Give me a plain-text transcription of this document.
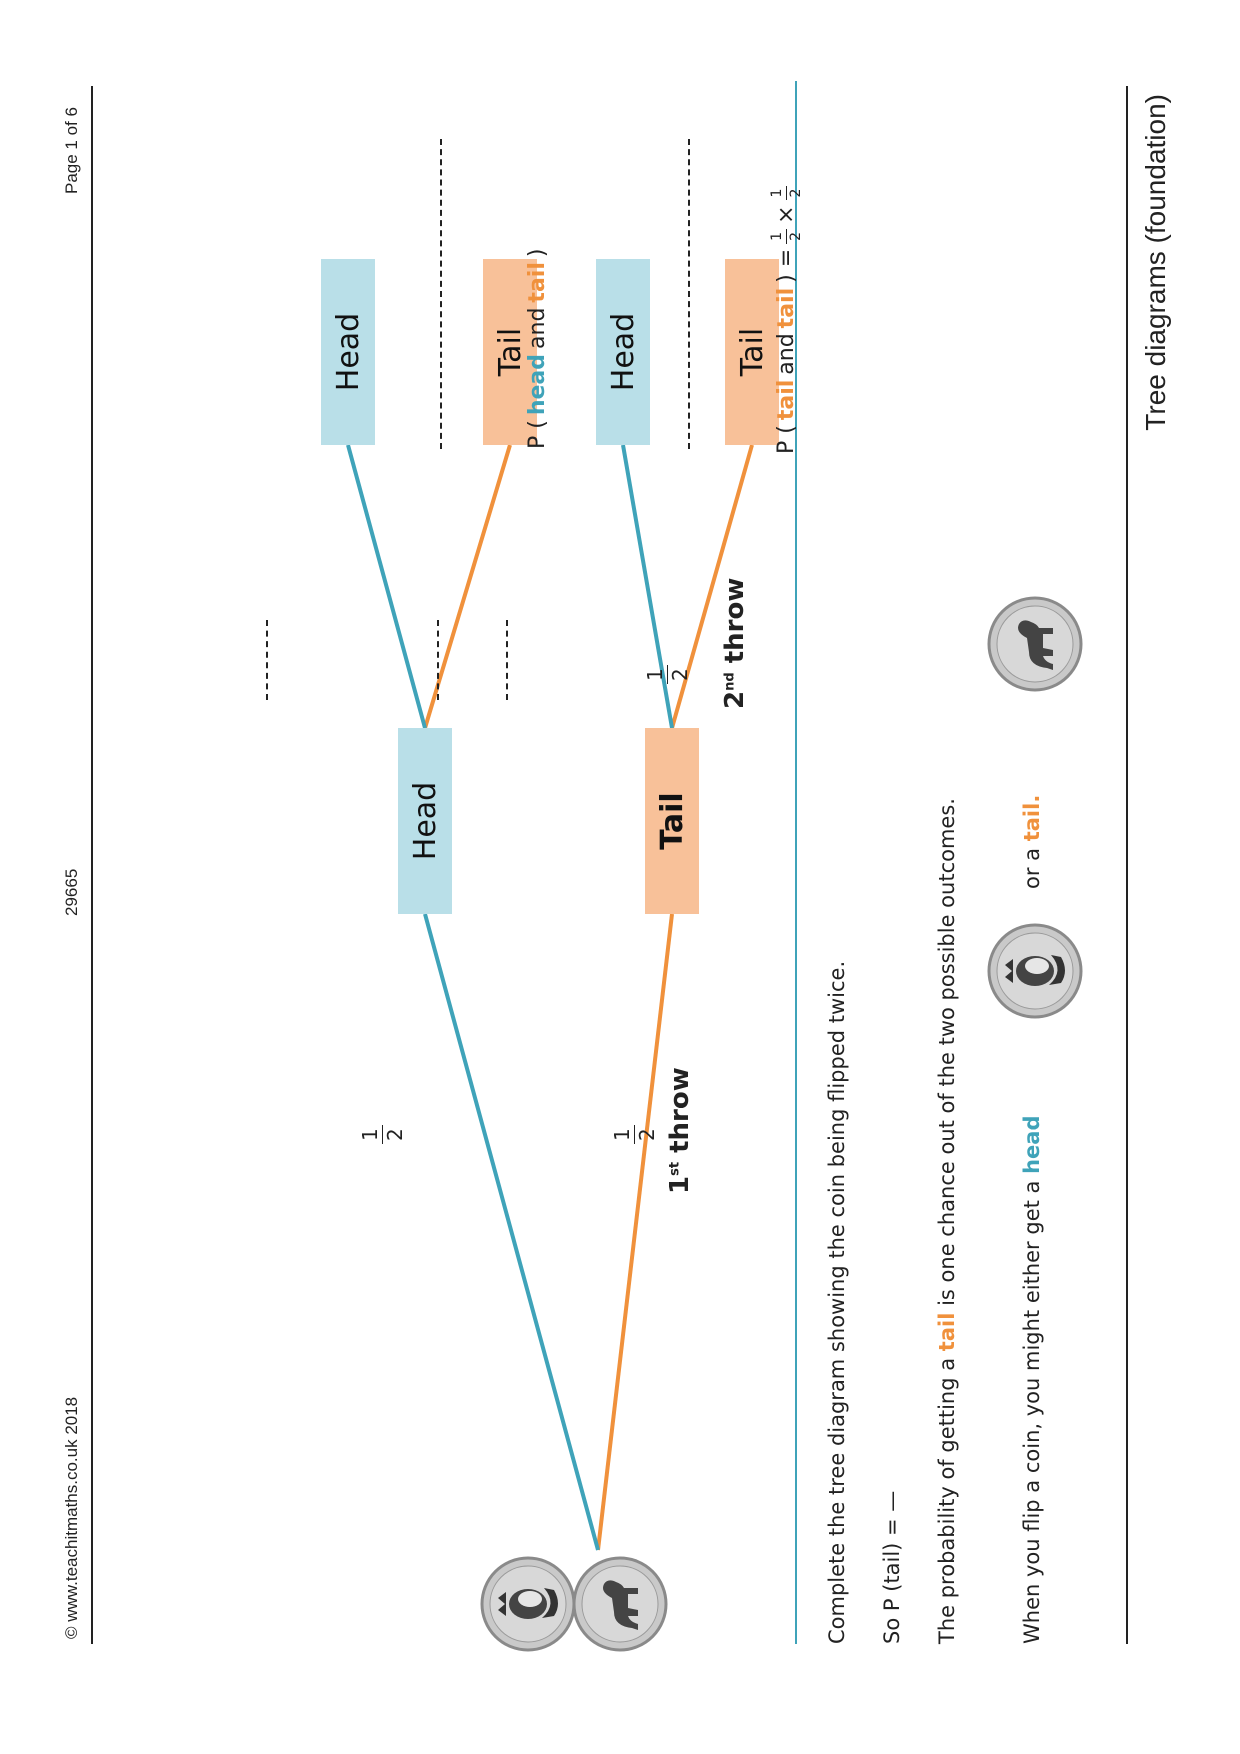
Tree diagrams (foundation)
When you flip a coin, you might either get a head
or a tail.
The probability of getting a tail is one chance out of the two possible outcomes.
So P (tail) = —
Complete the tree diagram showing the coin being flipped twice.
Tail
Head
Tail
Head
Tail
Head
1st throw
2nd throw
1 2
1 2
1 2
P (
tail
and
tail
) =
1 2
×
1 2
P (
head
and
tail
)
© www.teachitmaths.co.uk 2018
29665
Page 1 of 6
